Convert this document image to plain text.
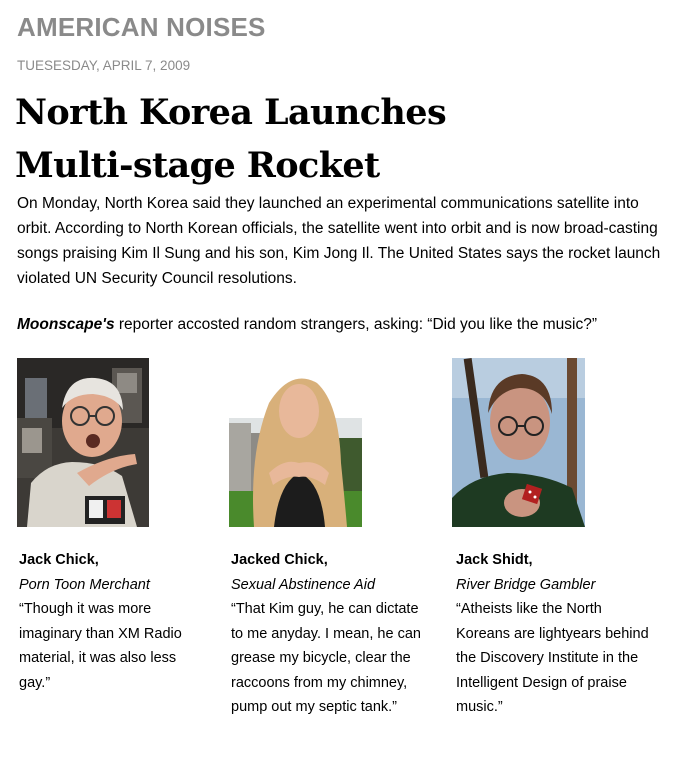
AMERICAN NOISES
TUESESDAY, APRIL 7, 2009
North Korea Launches
Multi-stage Rocket
On Monday, North Korea said they launched an experimental communications satellite into orbit. According to North Korean officials, the satellite went into orbit and is now broad-casting songs praising Kim Il Sung and his son, Kim Jong Il. The United States says the rocket launch violated UN Security Council resolutions.
Moonscape's reporter accosted random strangers, asking: “Did you like the music?”
Jack Chick,
Porn Toon Merchant
“Though it was more imaginary than XM Radio material, it was also less gay.”
Jacked Chick,
Sexual Abstinence Aid
“That Kim guy, he can dictate to me anyday. I mean, he can grease my bicycle, clear the raccoons from my chimney, pump out my septic tank.”
Jack Shidt,
River Bridge Gambler
“Atheists like the North Koreans are lightyears behind the Discovery Institute in the Intelligent Design of praise music.”
